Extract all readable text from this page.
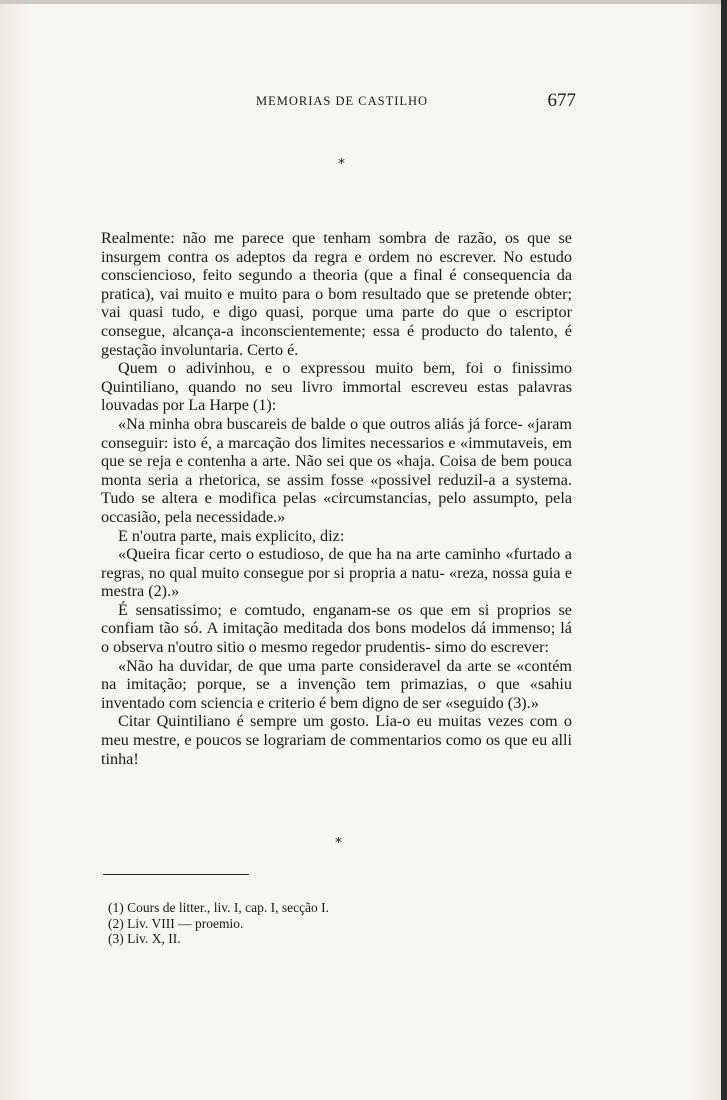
MEMORIAS DE CASTILHO	677
*

Realmente: não me parece que tenham sombra de razão, os que se insurgem contra os adeptos da regra e ordem no escrever. No estudo consciencioso, feito segundo a theoria (que a final é consequencia da pratica), vai muito e muito para o bom resultado que se pretende obter; vai quasi tudo, e digo quasi, porque uma parte do que o escriptor consegue, alcança-a inconscientemente; essa é producto do talento, é gestação involuntaria. Certo é.

Quem o adivinhou, e o expressou muito bem, foi o finissimo Quintiliano, quando no seu livro immortal escreveu estas palavras louvadas por La Harpe (1):

«Na minha obra buscareis de balde o que outros aliás já force- «jaram conseguir: isto é, a marcação dos limites necessarios e «immutaveis, em que se reja e contenha a arte. Não sei que os «haja. Coisa de bem pouca monta seria a rhetorica, se assim fosse «possivel reduzil-a a systema. Tudo se altera e modifica pelas «circumstancias, pelo assumpto, pela occasião, pela necessidade.»

E n'outra parte, mais explicito, diz:

«Queira ficar certo o estudioso, de que ha na arte caminho «furtado a regras, no qual muito consegue por si propria a natu- «reza, nossa guia e mestra (2).»

É sensatissimo; e comtudo, enganam-se os que em si proprios se confiam tão só. A imitação meditada dos bons modelos dá immenso; lá o observa n'outro sitio o mesmo regedor prudentis- simo do escrever:

«Não ha duvidar, de que uma parte consideravel da arte se «contém na imitação; porque, se a invenção tem primazias, o que «sahiu inventado com sciencia e criterio é bem digno de ser «seguido (3).»

Citar Quintiliano é sempre um gosto. Lia-o eu muitas vezes com o meu mestre, e poucos se lograriam de commentarios como os que eu alli tinha!

*
(1) Cours de litter., liv. I, cap. I, secção I.
(2) Liv. VIII — proemio.
(3) Liv. X, II.
